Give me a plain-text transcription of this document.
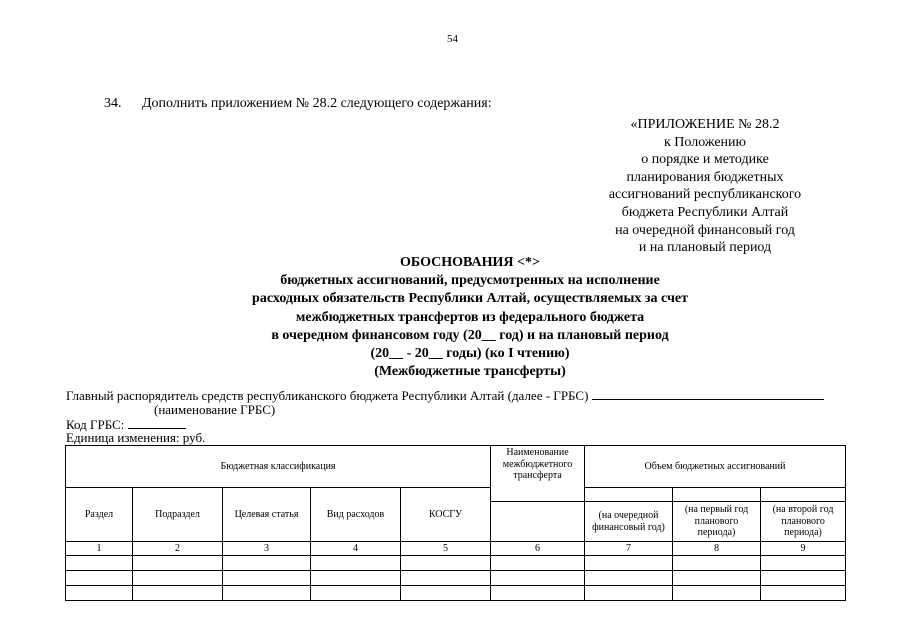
54
34. Дополнить приложением № 28.2 следующего содержания:
«ПРИЛОЖЕНИЕ № 28.2
к Положению
о порядке и методике
планирования бюджетных
ассигнований республиканского
бюджета Республики Алтай
на очередной финансовый год
и на плановый период
ОБОСНОВАНИЯ <*>
бюджетных ассигнований, предусмотренных на исполнение
расходных обязательств Республики Алтай, осуществляемых за счет
межбюджетных трансфертов из федерального бюджета
в очередном финансовом году (20__ год) и на плановый период
(20__ - 20__ годы) (ко I чтению)
(Межбюджетные трансферты)
Главный распорядитель средств республиканского бюджета Республики Алтай (далее - ГРБС)
(наименование ГРБС)
Код ГРБС:
Единица изменения: руб.
Бюджетная классификация					Наименование межбюджетного трансферта	Объем бюджетных ассигнований		
Раздел	Подраздел	Целевая статья	Вид расходов	КОСГУ				
						(на очередной финансовый год)	(на первый год планового периода)	(на второй год планового периода)
1	2	3	4	5	6	7	8	9
